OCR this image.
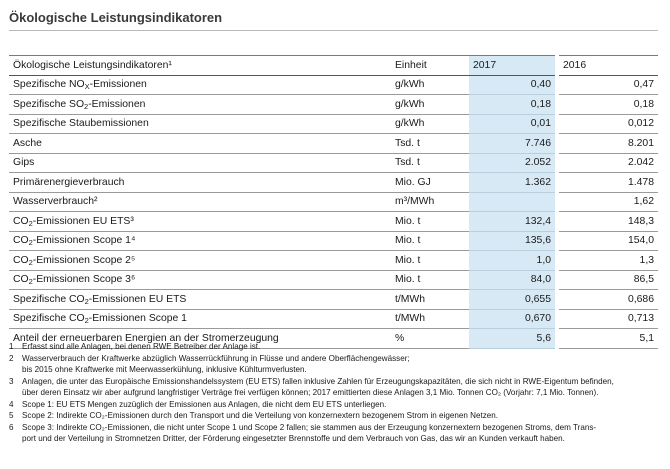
Ökologische Leistungsindikatoren
Ökologische Leistungsindikatoren¹	Einheit	2017		2016
Spezifische $NO_X$-Emissionen	g/kWh	0,40		0,47
Spezifische $SO_2$-Emissionen	g/kWh	0,18		0,18
Spezifische Staubemissionen	g/kWh	0,01		0,012
Asche	Tsd. t	7.746		8.201
Gips	Tsd. t	2.052		2.042
Primärenergieverbrauch	Mio. GJ	1.362		1.478
Wasserverbrauch²	m³/MWh			1,62
$CO_2$-Emissionen EU ETS³	Mio. t	132,4		148,3
$CO_2$-Emissionen Scope 1⁴	Mio. t	135,6		154,0
$CO_2$-Emissionen Scope 2⁵	Mio. t	1,0		1,3
$CO_2$-Emissionen Scope 3⁶	Mio. t	84,0		86,5
Spezifische $CO_2$-Emissionen EU ETS	t/MWh	0,655		0,686
Spezifische $CO_2$-Emissionen Scope 1	t/MWh	0,670		0,713
Anteil der erneuerbaren Energien an der Stromerzeugung	%	5,6		5,1
1	Erfasst sind alle Anlagen, bei denen RWE Betreiber der Anlage ist.
2	Wasserverbrauch der Kraftwerke abzüglich Wasserrückführung in Flüsse und andere Oberflächengewässer;
bis 2015 ohne Kraftwerke mit Meerwasserkühlung, inklusive Kühlturmverlusten.
3	Anlagen, die unter das Europäische Emissionshandelssystem (EU ETS) fallen inklusive Zahlen für Erzeugungskapazitäten, die sich nicht in RWE-Eigentum befinden,
über deren Einsatz wir aber aufgrund langfristiger Verträge frei verfügen können; 2017 emittierten diese Anlagen 3,1 Mio. Tonnen CO₂ (Vorjahr: 7,1 Mio. Tonnen).
4	Scope 1: EU ETS Mengen zuzüglich der Emissionen aus Anlagen, die nicht dem EU ETS unterliegen.
5	Scope 2: Indirekte CO₂-Emissionen durch den Transport und die Verteilung von konzernextern bezogenem Strom in eigenen Netzen.
6	Scope 3: Indirekte CO₂-Emissionen, die nicht unter Scope 1 und Scope 2 fallen; sie stammen aus der Erzeugung konzernextern bezogenen Stroms, dem Trans-
port und der Verteilung in Stromnetzen Dritter, der Förderung eingesetzter Brennstoffe und dem Verbrauch von Gas, das wir an Kunden verkauft haben.
